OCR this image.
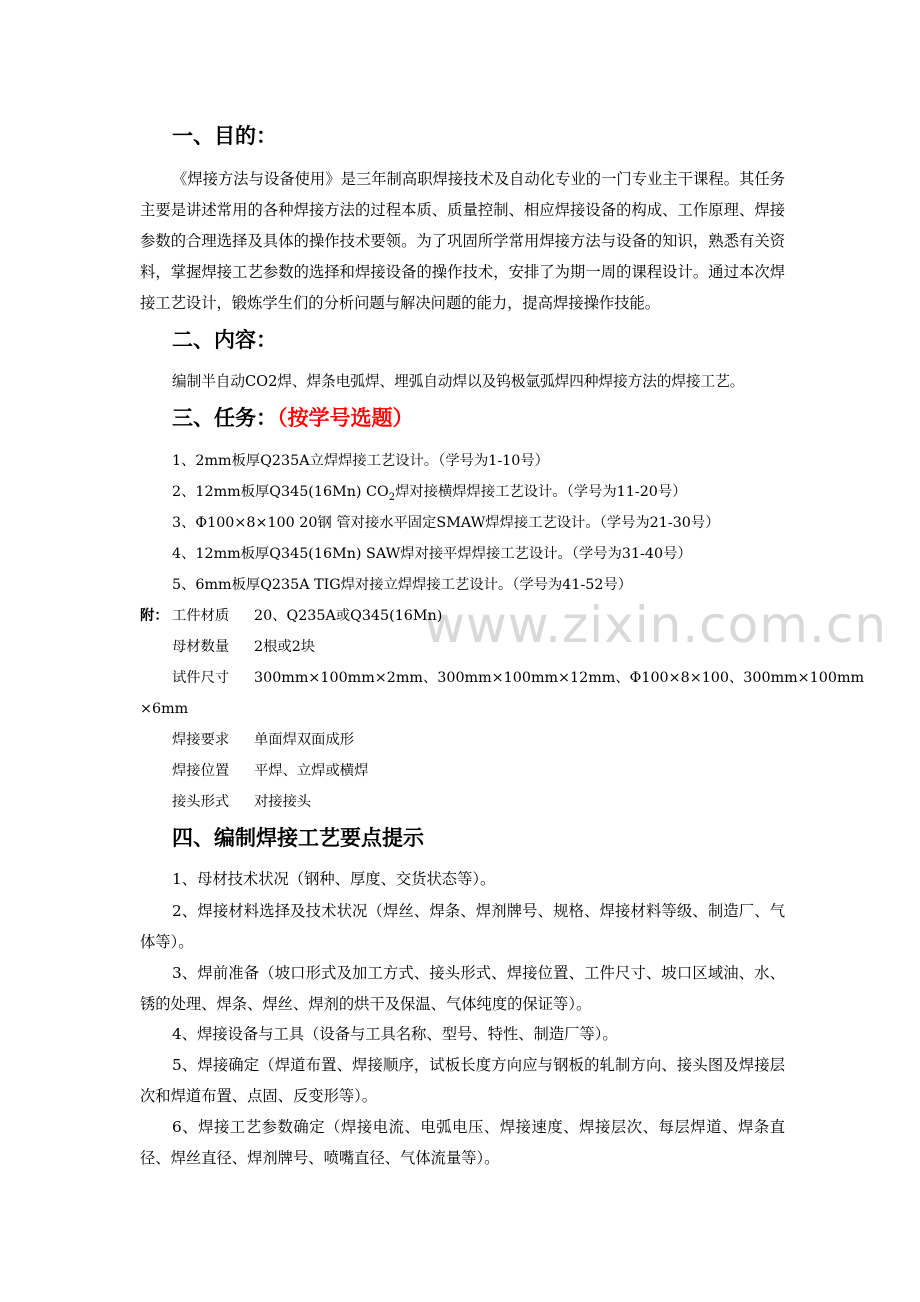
www.zixin.com.cn
一、目的：
《焊接方法与设备使用》是三年制高职焊接技术及自动化专业的一门专业主干课程。其任务主要是讲述常用的各种焊接方法的过程本质、质量控制、相应焊接设备的构成、工作原理、焊接参数的合理选择及具体的操作技术要领。为了巩固所学常用焊接方法与设备的知识，熟悉有关资料，掌握焊接工艺参数的选择和焊接设备的操作技术，安排了为期一周的课程设计。通过本次焊接工艺设计，锻炼学生们的分析问题与解决问题的能力，提高焊接操作技能。
二、内容：
编制半自动CO2焊、焊条电弧焊、埋弧自动焊以及钨极氩弧焊四种焊接方法的焊接工艺。
三、任务：（按学号选题）
1、2mm板厚Q235A立焊焊接工艺设计。（学号为1-10号）
2、12mm板厚Q345(16Mn) $CO_2$焊对接横焊焊接工艺设计。（学号为11-20号）
3、Φ100×8×100 20钢 管对接水平固定SMAW焊焊接工艺设计。（学号为21-30号）
4、12mm板厚Q345(16Mn) SAW焊对接平焊焊接工艺设计。（学号为31-40号）
5、6mm板厚Q235A TIG焊对接立焊焊接工艺设计。（学号为41-52号）
附： 工件材质 20、Q235A或Q345(16Mn)
母材数量 2根或2块
试件尺寸 300mm×100mm×2mm、300mm×100mm×12mm、Φ100×8×100、300mm×100mm
×6mm
焊接要求 单面焊双面成形
焊接位置 平焊、立焊或横焊
接头形式 对接接头
四、编制焊接工艺要点提示
1、母材技术状况（钢种、厚度、交货状态等）。
2、焊接材料选择及技术状况（焊丝、焊条、焊剂牌号、规格、焊接材料等级、制造厂、气体等）。
3、焊前准备（坡口形式及加工方式、接头形式、焊接位置、工件尺寸、坡口区域油、水、锈的处理、焊条、焊丝、焊剂的烘干及保温、气体纯度的保证等）。
4、焊接设备与工具（设备与工具名称、型号、特性、制造厂等）。
5、焊接确定（焊道布置、焊接顺序，试板长度方向应与钢板的轧制方向、接头图及焊接层次和焊道布置、点固、反变形等）。
6、焊接工艺参数确定（焊接电流、电弧电压、焊接速度、焊接层次、每层焊道、焊条直径、焊丝直径、焊剂牌号、喷嘴直径、气体流量等）。
